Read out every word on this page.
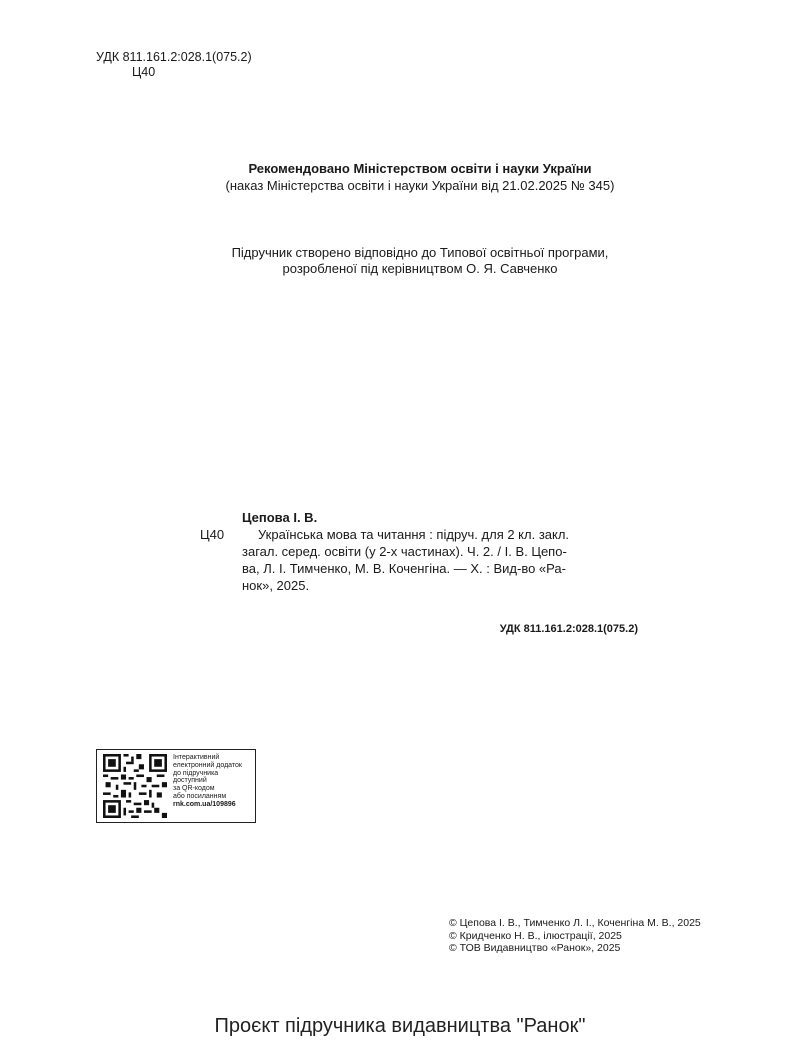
УДК 811.161.2:028.1(075.2)
Ц40
Рекомендовано Міністерством освіти і науки України
(наказ Міністерства освіти і науки України від 21.02.2025 № 345)
Підручник створено відповідно до Типової освітньої програми,
розробленої під керівництвом О. Я. Савченко
Цепова І. В.
Ц40	Українська мова та читання : підруч. для 2 кл. закл.
загал. серед. освіти (у 2-х частинах). Ч. 2. / І. В. Цепо-
ва, Л. І. Тимченко, М. В. Коченгіна. — Х. : Вид-во «Ра-
нок», 2025.
УДК 811.161.2:028.1(075.2)
Інтерактивний
електронний додаток
до підручника
доступний
за QR-кодом
або посиланням
rnk.com.ua/109896
© Цепова І. В., Тимченко Л. І., Коченгіна М. В., 2025
© Кридченко Н. В., ілюстрації, 2025
© ТОВ Видавництво «Ранок», 2025
Проєкт підручника видавництва "Ранок"
